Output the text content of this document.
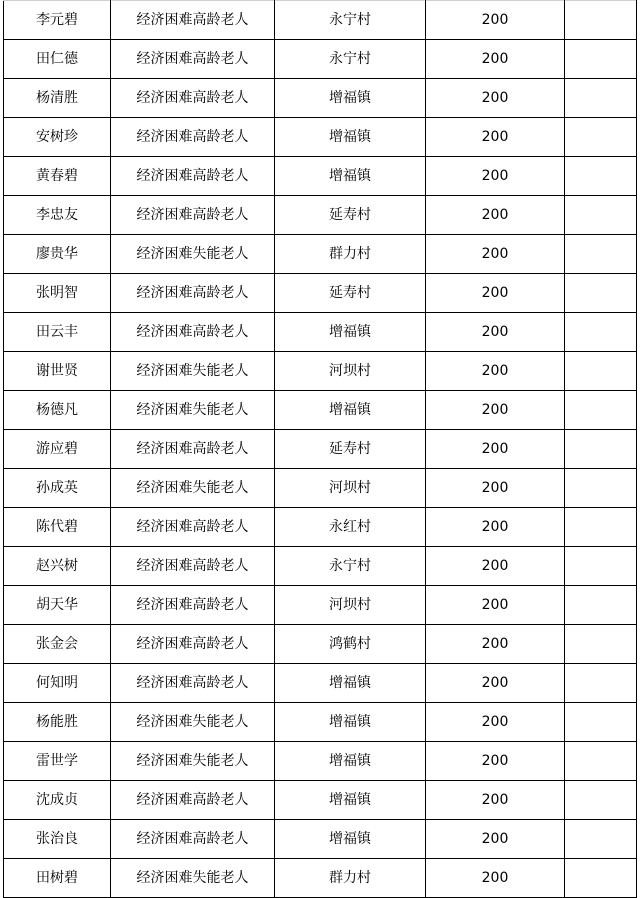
李元碧	经济困难高龄老人	永宁村	200	
田仁德	经济困难高龄老人	永宁村	200	
杨清胜	经济困难高龄老人	增福镇	200	
安树珍	经济困难高龄老人	增福镇	200	
黄春碧	经济困难高龄老人	增福镇	200	
李忠友	经济困难高龄老人	延寿村	200	
廖贵华	经济困难失能老人	群力村	200	
张明智	经济困难高龄老人	延寿村	200	
田云丰	经济困难高龄老人	增福镇	200	
谢世贤	经济困难失能老人	河坝村	200	
杨德凡	经济困难失能老人	增福镇	200	
游应碧	经济困难高龄老人	延寿村	200	
孙成英	经济困难失能老人	河坝村	200	
陈代碧	经济困难高龄老人	永红村	200	
赵兴树	经济困难高龄老人	永宁村	200	
胡天华	经济困难高龄老人	河坝村	200	
张金会	经济困难高龄老人	鸿鹤村	200	
何知明	经济困难高龄老人	增福镇	200	
杨能胜	经济困难失能老人	增福镇	200	
雷世学	经济困难失能老人	增福镇	200	
沈成贞	经济困难高龄老人	增福镇	200	
张治良	经济困难高龄老人	增福镇	200	
田树碧	经济困难失能老人	群力村	200	
